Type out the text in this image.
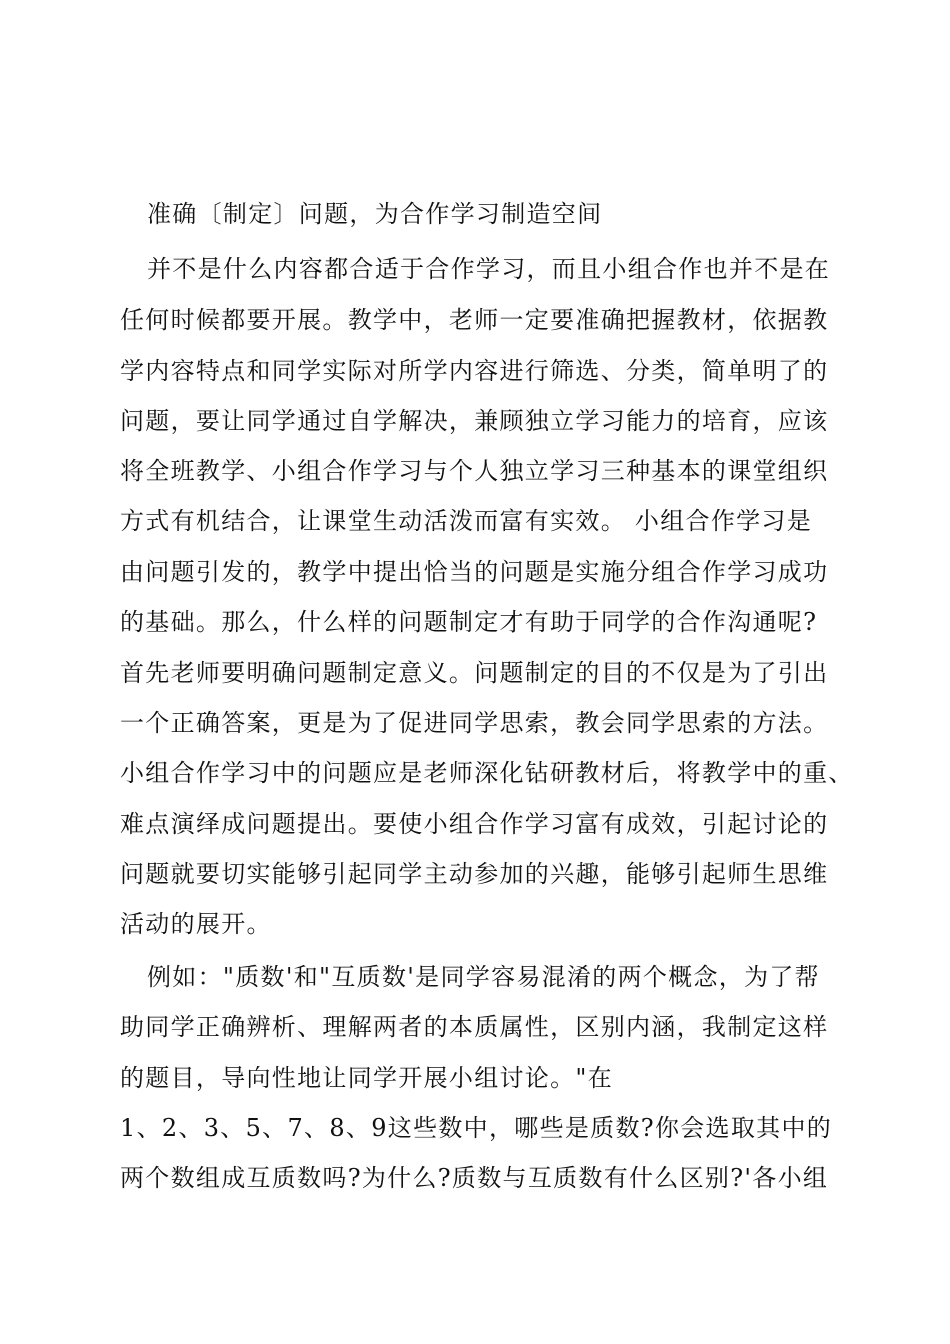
准确〔制定〕问题，为合作学习制造空间
并不是什么内容都合适于合作学习，而且小组合作也并不是在
任何时候都要开展。教学中，老师一定要准确把握教材，依据教
学内容特点和同学实际对所学内容进行筛选、分类，简单明了的
问题，要让同学通过自学解决，兼顾独立学习能力的培育，应该
将全班教学、小组合作学习与个人独立学习三种基本的课堂组织
方式有机结合，让课堂生动活泼而富有实效。 小组合作学习是
由问题引发的，教学中提出恰当的问题是实施分组合作学习成功
的基础。那么，什么样的问题制定才有助于同学的合作沟通呢?
首先老师要明确问题制定意义。问题制定的目的不仅是为了引出
一个正确答案，更是为了促进同学思索，教会同学思索的方法。
小组合作学习中的问题应是老师深化钻研教材后，将教学中的重、
难点演绎成问题提出。要使小组合作学习富有成效，引起讨论的
问题就要切实能够引起同学主动参加的兴趣，能够引起师生思维
活动的展开。
例如："质数'和"互质数'是同学容易混淆的两个概念，为了帮
助同学正确辨析、理解两者的本质属性，区别内涵，我制定这样
的题目，导向性地让同学开展小组讨论。"在
1、2、3、5、7、8、9这些数中，哪些是质数?你会选取其中的
两个数组成互质数吗?为什么?质数与互质数有什么区别?'各小组
